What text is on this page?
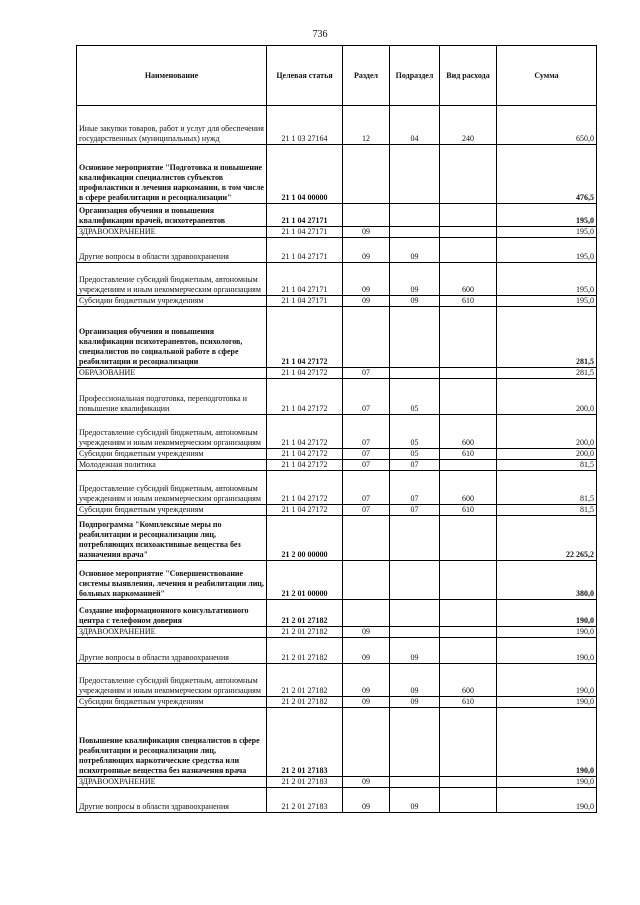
736
Наименование	Целевая статья	Раздел	Подраздел	Вид расхода	Сумма
Иные закупки товаров, работ и услуг для обеспечения государственных (муниципальных) нужд	21 1 03 27164	12	04	240	650,0
Основное мероприятие "Подготовка и повышение квалификации специалистов субъектов профилактики и лечения наркомании, в том числе в сфере реабилитации и ресоциализации"	21 1 04 00000				476,5
Организация обучения и повышения квалификации врачей, психотерапевтов	21 1 04 27171				195,0
ЗДРАВООХРАНЕНИЕ	21 1 04 27171	09			195,0
Другие вопросы в области здравоохранения	21 1 04 27171	09	09		195,0
Предоставление субсидий бюджетным, автономным учреждениям и иным некоммерческим организациям	21 1 04 27171	09	09	600	195,0
Субсидии бюджетным учреждениям	21 1 04 27171	09	09	610	195,0
Организация обучения и повышения квалификации психотерапевтов, психологов, специалистов по социальной работе в сфере реабилитации и ресоциализации	21 1 04 27172				281,5
ОБРАЗОВАНИЕ	21 1 04 27172	07			281,5
Профессиональная подготовка, переподготовка и повышение квалификации	21 1 04 27172	07	05		200,0
Предоставление субсидий бюджетным, автономным учреждениям и иным некоммерческим организациям	21 1 04 27172	07	05	600	200,0
Субсидии бюджетным учреждениям	21 1 04 27172	07	05	610	200,0
Молодежная политика	21 1 04 27172	07	07		81,5
Предоставление субсидий бюджетным, автономным учреждениям и иным некоммерческим организациям	21 1 04 27172	07	07	600	81,5
Субсидии бюджетным учреждениям	21 1 04 27172	07	07	610	81,5
Подпрограмма "Комплексные меры по реабилитации и ресоциализации лиц, потребляющих психоактивные вещества без назначения врача"	21 2 00 00000				22 265,2
Основное мероприятие "Совершенствование системы выявления, лечения и реабилитации лиц, больных наркоманией"	21 2 01 00000				380,0
Создание информационного консультативного центра с телефоном доверия	21 2 01 27182				190,0
ЗДРАВООХРАНЕНИЕ	21 2 01 27182	09			190,0
Другие вопросы в области здравоохранения	21 2 01 27182	09	09		190,0
Предоставление субсидий бюджетным, автономным учреждениям и иным некоммерческим организациям	21 2 01 27182	09	09	600	190,0
Субсидии бюджетным учреждениям	21 2 01 27182	09	09	610	190,0
Повышение квалификации специалистов в сфере реабилитации и ресоциализации лиц, потребляющих наркотические средства или психотропные вещества без назначения врача	21 2 01 27183				190,0
ЗДРАВООХРАНЕНИЕ	21 2 01 27183	09			190,0
Другие вопросы в области здравоохранения	21 2 01 27183	09	09		190,0
